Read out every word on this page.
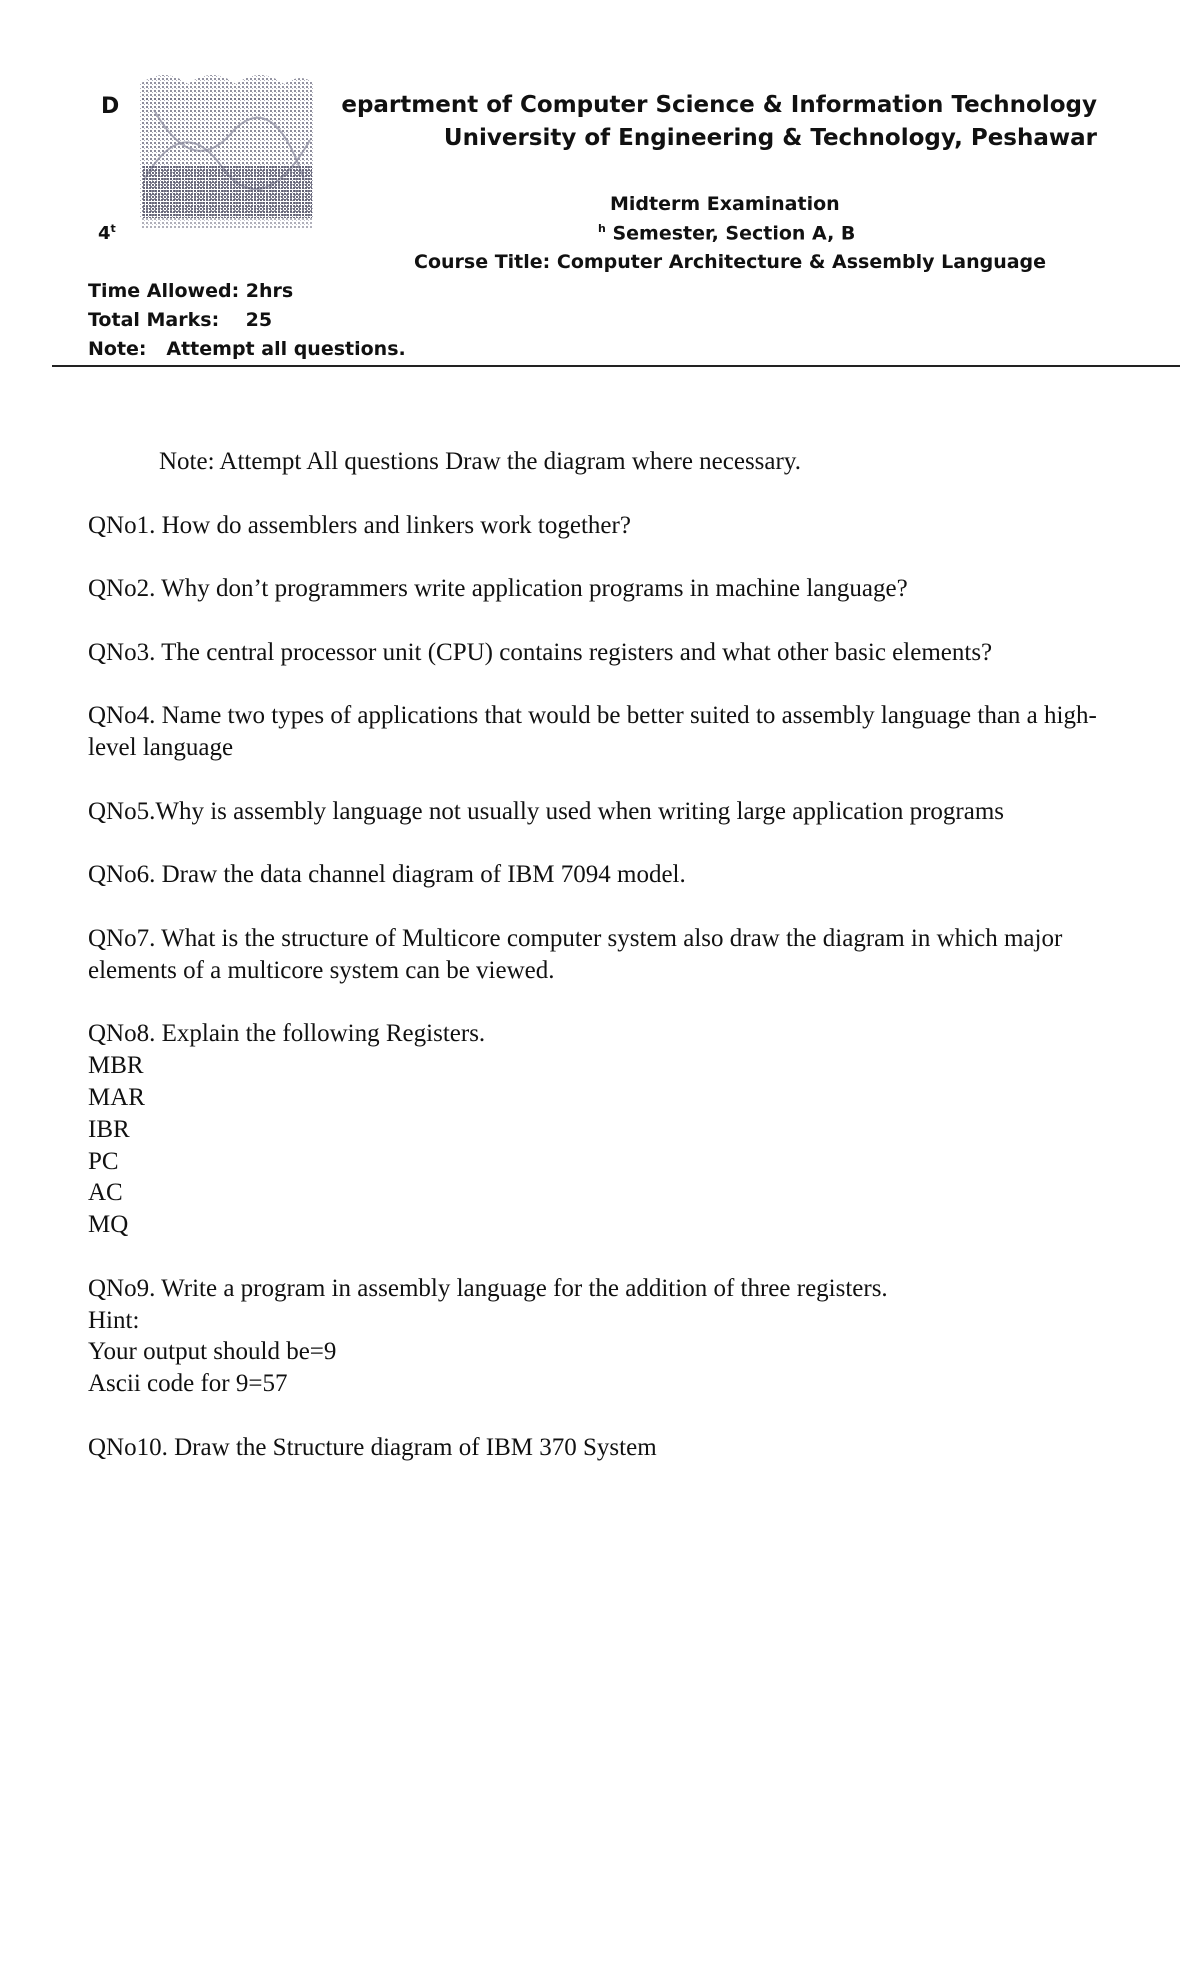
D
4$^t$
epartment of Computer Science & Information Technology
University of Engineering & Technology, Peshawar
Midterm Examination
$^h$ Semester, Section A, B
Course Title: Computer Architecture & Assembly Language
Time Allowed: 2hrs
Total Marks: 25
Note: Attempt all questions.

Note: Attempt All questions Draw the diagram where necessary.

QNo1. How do assemblers and linkers work together?

QNo2. Why don’t programmers write application programs in machine language?

QNo3. The central processor unit (CPU) contains registers and what other basic elements?

QNo4. Name two types of applications that would be better suited to assembly language than a high-level language

QNo5.Why is assembly language not usually used when writing large application programs

QNo6. Draw the data channel diagram of IBM 7094 model.

QNo7. What is the structure of Multicore computer system also draw the diagram in which major elements of a multicore system can be viewed.

QNo8. Explain the following Registers.

MBR

MAR

IBR

PC

AC

MQ

QNo9. Write a program in assembly language for the addition of three registers.

Hint:

Your output should be=9

Ascii code for 9=57

QNo10. Draw the Structure diagram of IBM 370 System
